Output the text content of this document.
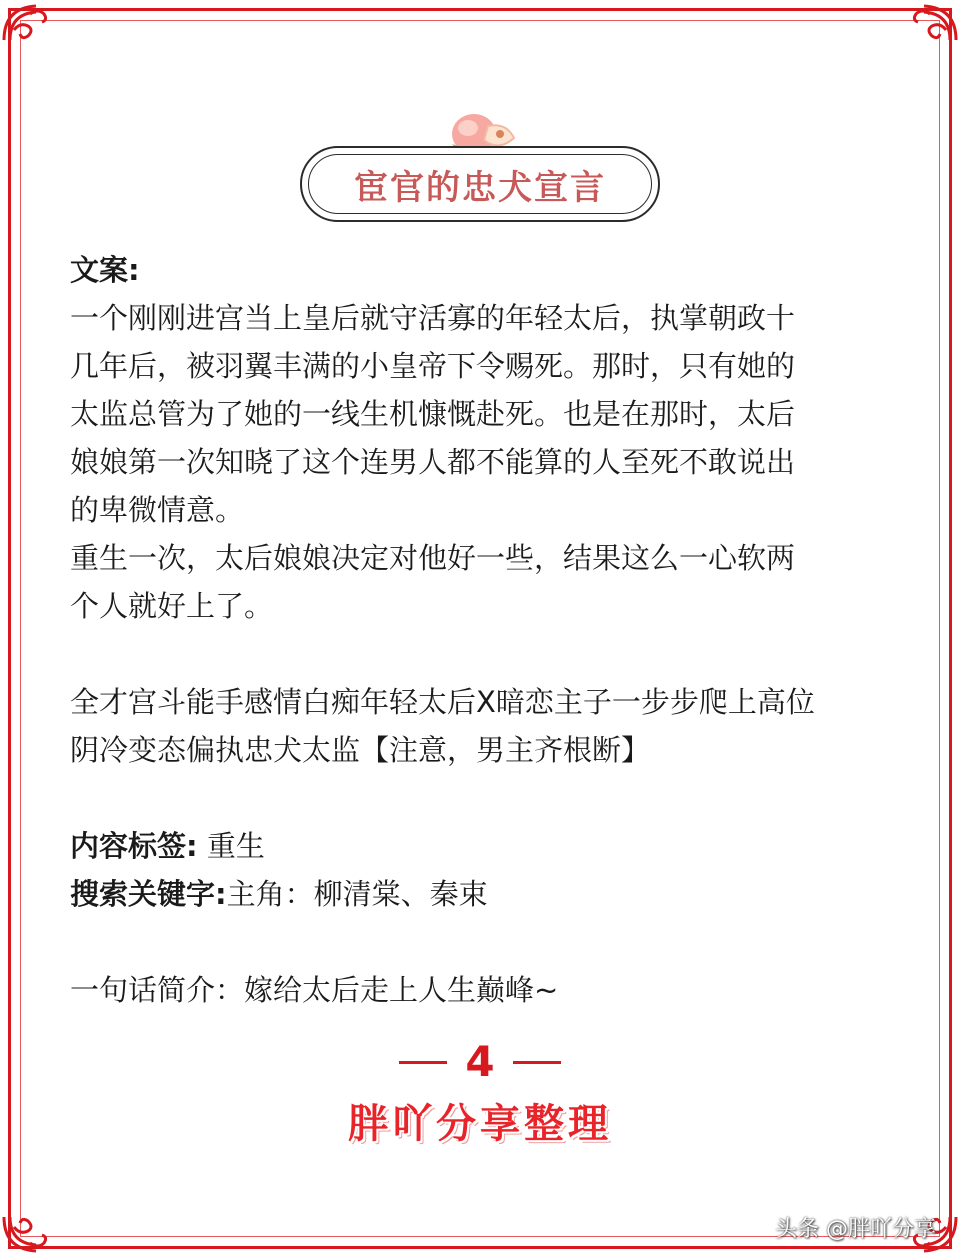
宦官的忠犬宣言

文案:

一个刚刚进宫当上皇后就守活寡的年轻太后，执掌朝政十

几年后，被羽翼丰满的小皇帝下令赐死。那时，只有她的

太监总管为了她的一线生机慷慨赴死。也是在那时，太后

娘娘第一次知晓了这个连男人都不能算的人至死不敢说出

的卑微情意。

重生一次，太后娘娘决定对他好一些，结果这么一心软两

个人就好上了。

全才宫斗能手感情白痴年轻太后X暗恋主子一步步爬上高位

阴冷变态偏执忠犬太监【注意，男主齐根断】

内容标签: 重生

搜索关键字:主角：柳清棠、秦束

一句话简介：嫁给太后走上人生巅峰~

4
胖吖分享整理
头条 @胖吖分享
